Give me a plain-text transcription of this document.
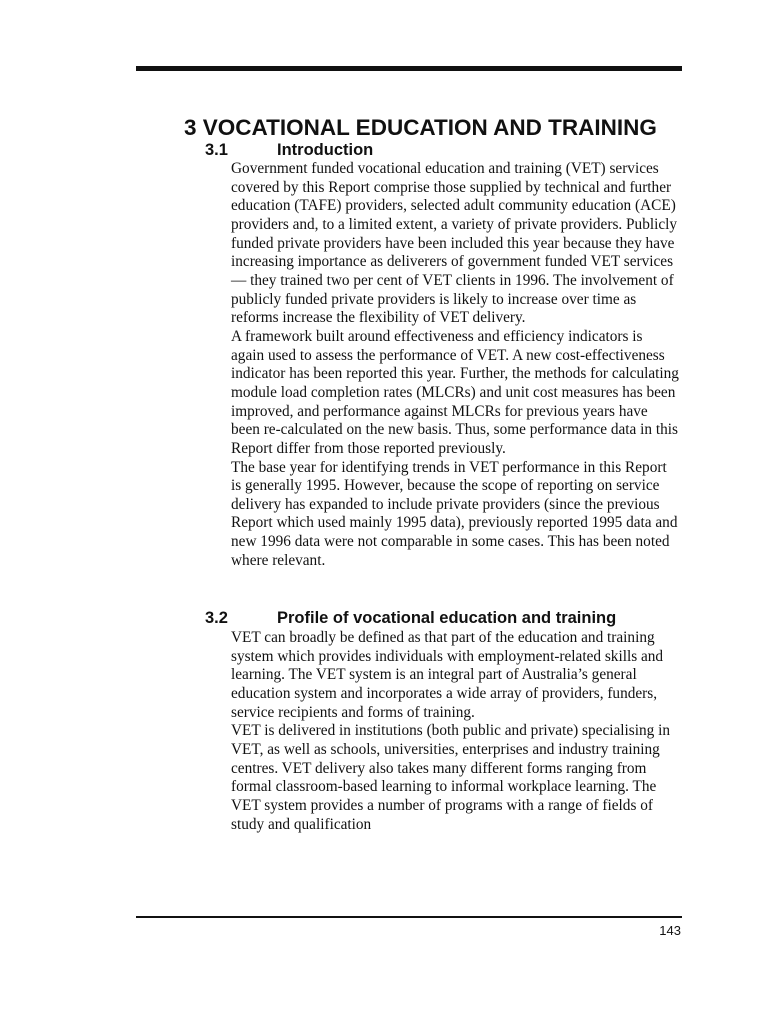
3 VOCATIONAL EDUCATION AND TRAINING
3.1	Introduction

Government funded vocational education and training (VET) services covered by this Report comprise those supplied by technical and further education (TAFE) providers, selected adult community education (ACE) providers and, to a limited extent, a variety of private providers. Publicly funded private providers have been included this year because they have increasing importance as deliverers of government funded VET services — they trained two per cent of VET clients in 1996. The involvement of publicly funded private providers is likely to increase over time as reforms increase the flexibility of VET delivery.

A framework built around effectiveness and efficiency indicators is again used to assess the performance of VET. A new cost-effectiveness indicator has been reported this year. Further, the methods for calculating module load completion rates (MLCRs) and unit cost measures has been improved, and performance against MLCRs for previous years have been re-calculated on the new basis. Thus, some performance data in this Report differ from those reported previously.

The base year for identifying trends in VET performance in this Report is generally 1995. However, because the scope of reporting on service delivery has expanded to include private providers (since the previous Report which used mainly 1995 data), previously reported 1995 data and new 1996 data were not comparable in some cases. This has been noted where relevant.

3.2	Profile of vocational education and training

VET can broadly be defined as that part of the education and training system which provides individuals with employment-related skills and learning. The VET system is an integral part of Australia’s general education system and incorporates a wide array of providers, funders, service recipients and forms of training.

VET is delivered in institutions (both public and private) specialising in VET, as well as schools, universities, enterprises and industry training centres. VET delivery also takes many different forms ranging from formal classroom-based learning to informal workplace learning. The VET system provides a number of programs with a range of fields of study and qualification

143
